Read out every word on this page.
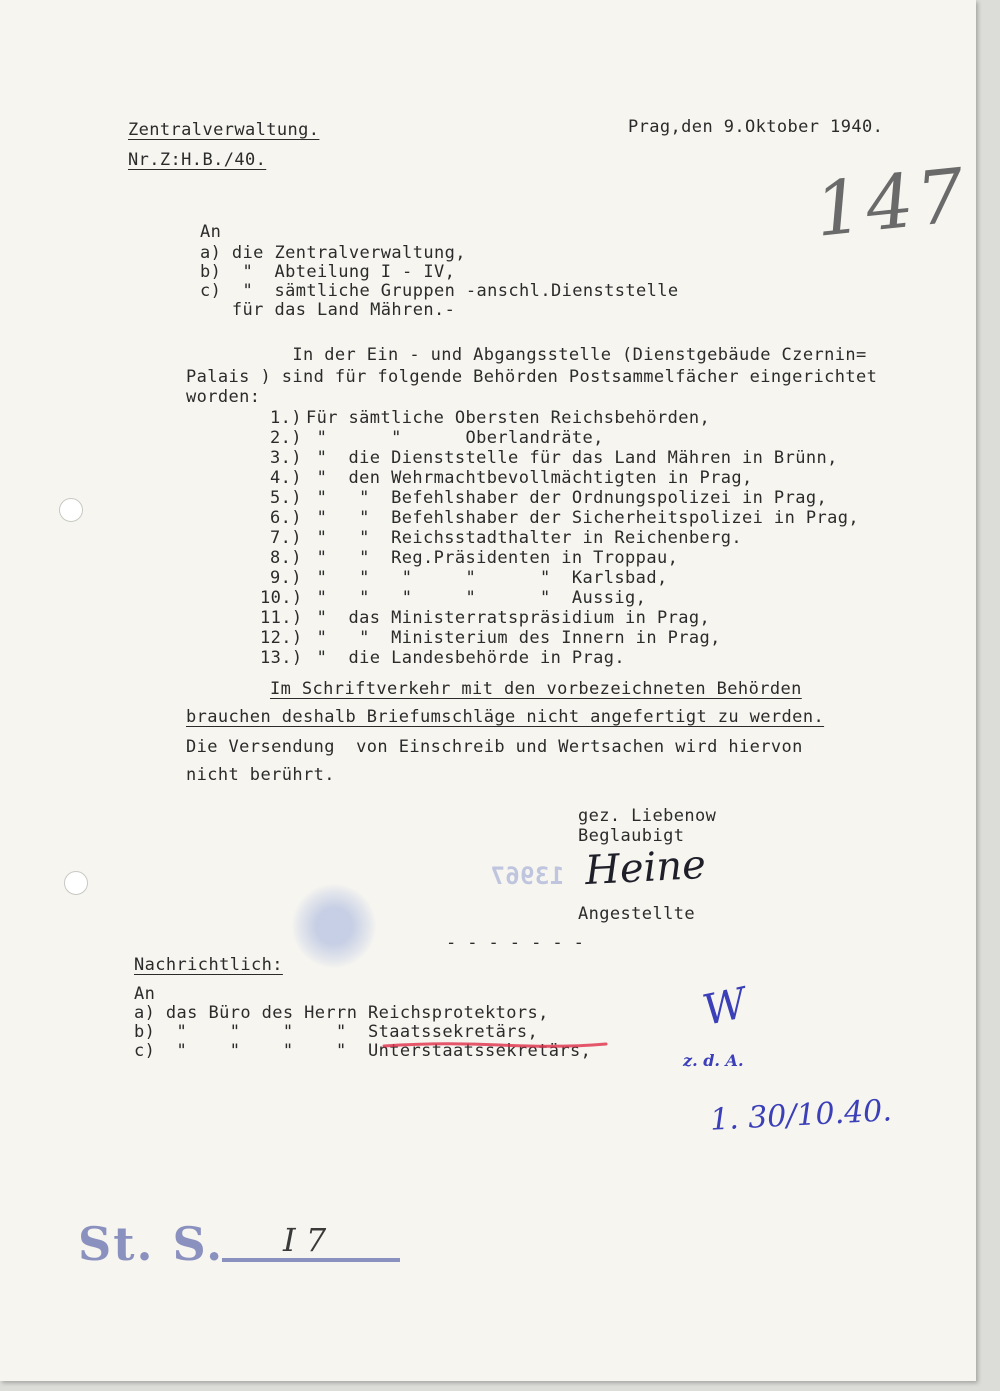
Zentralverwaltung.
Nr.Z:H.B./40.
Prag,den 9.Oktober 1940.
147
An
a) die Zentralverwaltung,
b)  "  Abteilung I - IV,
c)  "  sämtliche Gruppen -anschl.Dienststelle
für das Land Mähren.-
In der Ein - und Abgangsstelle (Dienstgebäude Czernin=
Palais ) sind für folgende Behörden Postsammelfächer eingerichtet
worden:
1.) Für sämtliche Obersten Reichsbehörden,
2.) "      "      Oberlandräte,
3.) "  die Dienststelle für das Land Mähren in Brünn,
4.) "  den Wehrmachtbevollmächtigten in Prag,
5.) "   "  Befehlshaber der Ordnungspolizei in Prag,
6.) "   "  Befehlshaber der Sicherheitspolizei in Prag,
7.) "   "  Reichsstadthalter in Reichenberg.
8.) "   "  Reg.Präsidenten in Troppau,
9.) "   "   "     "      "  Karlsbad,
10.) "   "   "     "      "  Aussig,
11.) "  das Ministerratspräsidium in Prag,
12.) "   "  Ministerium des Innern in Prag,
13.) "  die Landesbehörde in Prag.
Im Schriftverkehr mit den vorbezeichneten Behörden
brauchen deshalb Briefumschläge nicht angefertigt zu werden.
Die Versendung  von Einschreib und Wertsachen wird hiervon
nicht berührt.
gez. Liebenow
Beglaubigt
Heine
Angestellte
- - - - - - -
13967
Nachrichtlich:
An
a) das Büro des Herrn Reichsprotektors,
b)  "    "    "    "  Staatssekretärs,
c)  "    "    "    "  Unterstaatssekretärs,
W
z. d. A.
1. 30/10.40.
St. S. I 7
